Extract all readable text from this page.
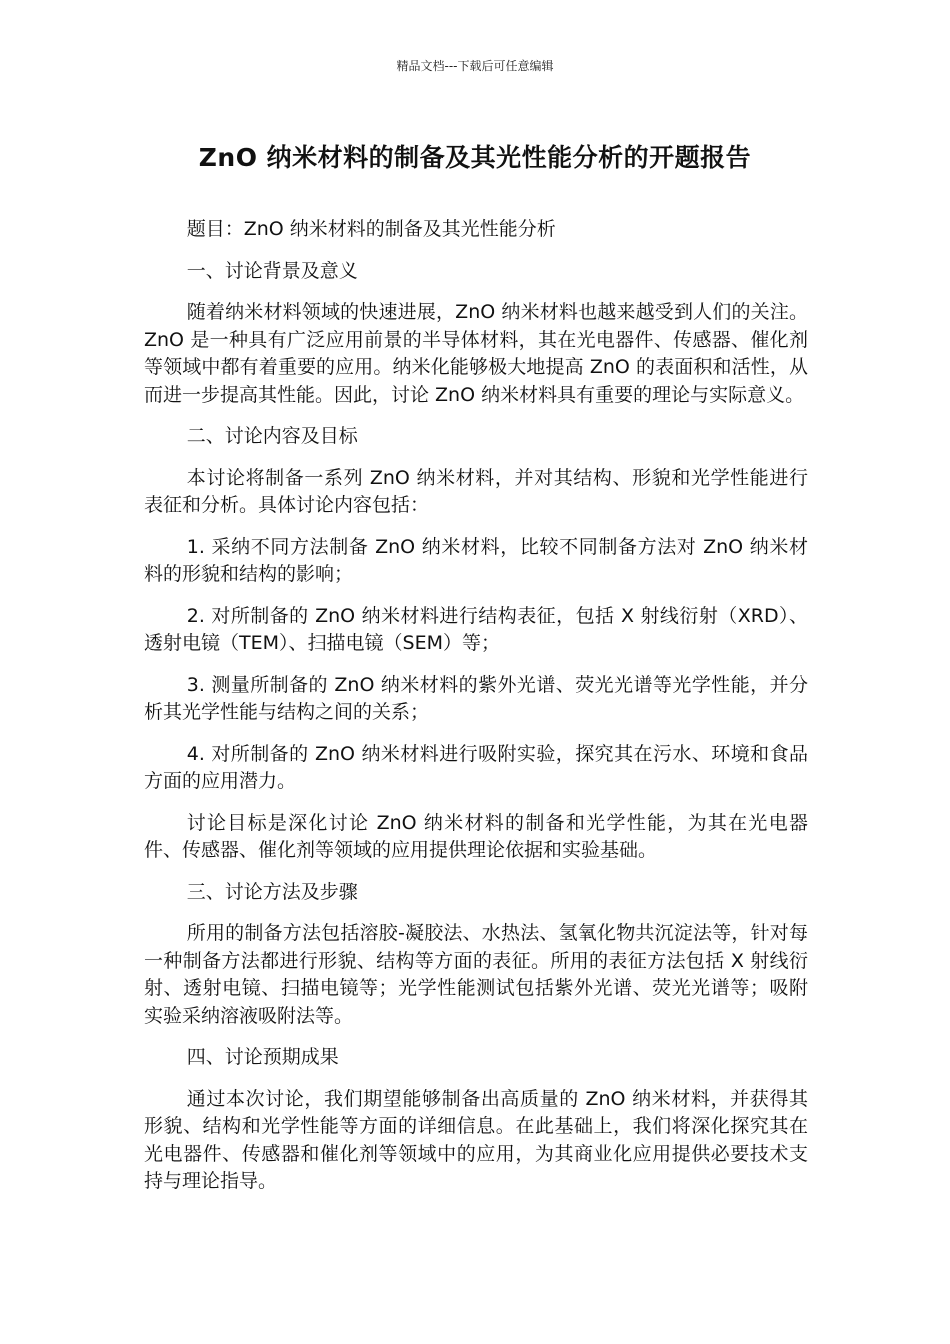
精品文档---下载后可任意编辑
ZnO 纳米材料的制备及其光性能分析的开题报告

题目：ZnO 纳米材料的制备及其光性能分析

一、讨论背景及意义

随着纳米材料领域的快速进展，ZnO 纳米材料也越来越受到人们的关注。ZnO 是一种具有广泛应用前景的半导体材料，其在光电器件、传感器、催化剂等领域中都有着重要的应用。纳米化能够极大地提高 ZnO 的表面积和活性，从而进一步提高其性能。因此，讨论 ZnO 纳米材料具有重要的理论与实际意义。

二、讨论内容及目标

本讨论将制备一系列 ZnO 纳米材料，并对其结构、形貌和光学性能进行表征和分析。具体讨论内容包括：

1. 采纳不同方法制备 ZnO 纳米材料，比较不同制备方法对 ZnO 纳米材料的形貌和结构的影响；

2. 对所制备的 ZnO 纳米材料进行结构表征，包括 X 射线衍射（XRD）、透射电镜（TEM）、扫描电镜（SEM）等；

3. 测量所制备的 ZnO 纳米材料的紫外光谱、荧光光谱等光学性能，并分析其光学性能与结构之间的关系；

4. 对所制备的 ZnO 纳米材料进行吸附实验，探究其在污水、环境和食品方面的应用潜力。

讨论目标是深化讨论 ZnO 纳米材料的制备和光学性能，为其在光电器件、传感器、催化剂等领域的应用提供理论依据和实验基础。

三、讨论方法及步骤

所用的制备方法包括溶胶-凝胶法、水热法、氢氧化物共沉淀法等，针对每一种制备方法都进行形貌、结构等方面的表征。所用的表征方法包括 X 射线衍射、透射电镜、扫描电镜等；光学性能测试包括紫外光谱、荧光光谱等；吸附实验采纳溶液吸附法等。

四、讨论预期成果

通过本次讨论，我们期望能够制备出高质量的 ZnO 纳米材料，并获得其形貌、结构和光学性能等方面的详细信息。在此基础上，我们将深化探究其在光电器件、传感器和催化剂等领域中的应用，为其商业化应用提供必要技术支持与理论指导。
